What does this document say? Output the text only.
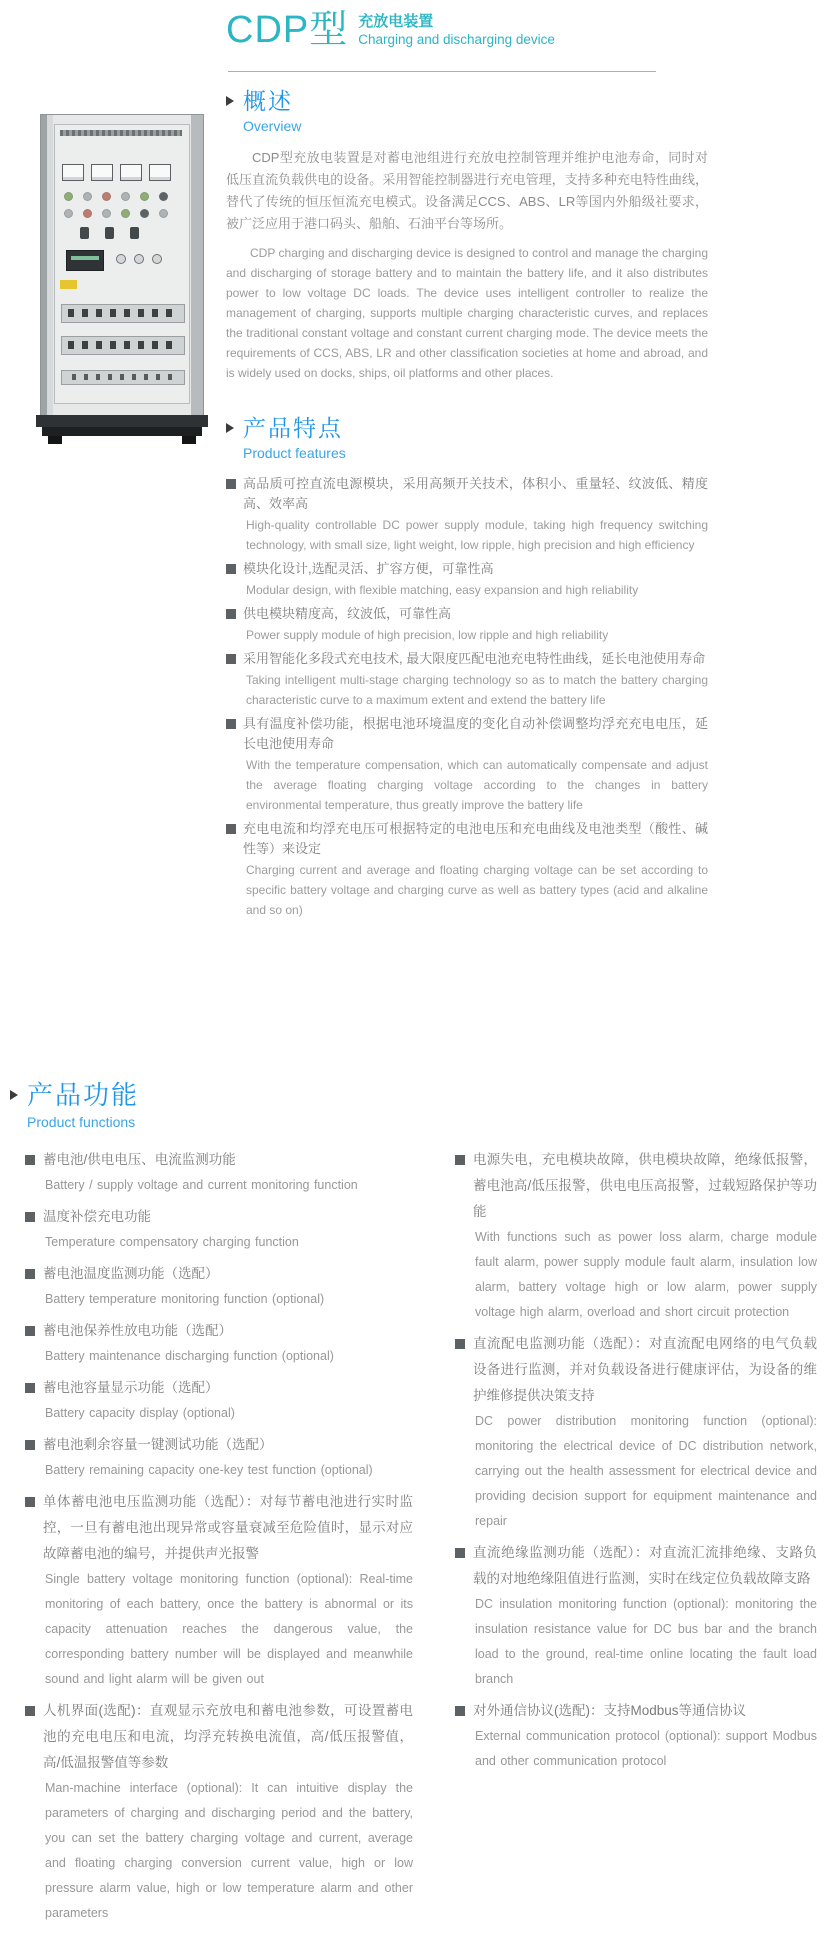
CDP型 充放电装置
Charging and discharging device
概述
Overview

CDP型充放电装置是对蓄电池组进行充放电控制管理并维护电池寿命，同时对低压直流负载供电的设备。采用智能控制器进行充电管理，支持多种充电特性曲线，替代了传统的恒压恒流充电模式。设备满足CCS、ABS、LR等国内外船级社要求，被广泛应用于港口码头、船舶、石油平台等场所。

CDP charging and discharging device is designed to control and manage the charging and discharging of storage battery and to maintain the battery life, and it also distributes power to low voltage DC loads. The device uses intelligent controller to realize the management of charging, supports multiple charging characteristic curves, and replaces the traditional constant voltage and constant current charging mode. The device meets the requirements of CCS, ABS, LR and other classification societies at home and abroad, and is widely used on docks, ships, oil platforms and other places.

产品特点
Product features
高品质可控直流电源模块，采用高频开关技术，体积小、重量轻、纹波低、精度高、效率高
High-quality controllable DC power supply module, taking high frequency switching technology, with small size, light weight, low ripple, high precision and high efficiency
模块化设计,选配灵活、扩容方便，可靠性高
Modular design, with flexible matching, easy expansion and high reliability
供电模块精度高，纹波低，可靠性高
Power supply module of high precision, low ripple and high reliability
采用智能化多段式充电技术, 最大限度匹配电池充电特性曲线，延长电池使用寿命
Taking intelligent multi-stage charging technology so as to match the battery charging characteristic curve to a maximum extent and extend the battery life
具有温度补偿功能，根据电池环境温度的变化自动补偿调整均浮充充电电压，延长电池使用寿命
With the temperature compensation, which can automatically compensate and adjust the average floating charging voltage according to the changes in battery environmental temperature, thus greatly improve the battery life
充电电流和均浮充电压可根据特定的电池电压和充电曲线及电池类型（酸性、碱性等）来设定
Charging current and average and floating charging voltage can be set according to specific battery voltage and charging curve as well as battery types (acid and alkaline and so on)
产品功能
Product functions
蓄电池/供电电压、电流监测功能
Battery / supply voltage and current monitoring function
温度补偿充电功能
Temperature compensatory charging function
蓄电池温度监测功能（选配）
Battery temperature monitoring function (optional)
蓄电池保养性放电功能（选配）
Battery maintenance discharging function (optional)
蓄电池容量显示功能（选配）
Battery capacity display (optional)
蓄电池剩余容量一键测试功能（选配）
Battery remaining capacity one-key test function (optional)
单体蓄电池电压监测功能（选配）：对每节蓄电池进行实时监控，一旦有蓄电池出现异常或容量衰减至危险值时，显示对应故障蓄电池的编号，并提供声光报警
Single battery voltage monitoring function (optional): Real-time monitoring of each battery, once the battery is abnormal or its capacity attenuation reaches the dangerous value, the corresponding battery number will be displayed and meanwhile sound and light alarm will be given out
人机界面(选配)：直观显示充放电和蓄电池参数，可设置蓄电池的充电电压和电流，均浮充转换电流值，高/低压报警值，高/低温报警值等参数
Man-machine interface (optional): It can intuitive display the parameters of charging and discharging period and the battery, you can set the battery charging voltage and current, average and floating charging conversion current value, high or low pressure alarm value, high or low temperature alarm and other parameters
电源失电，充电模块故障，供电模块故障，绝缘低报警，蓄电池高/低压报警，供电电压高报警，过载短路保护等功能
With functions such as power loss alarm, charge module fault alarm, power supply module fault alarm, insulation low alarm, battery voltage high or low alarm, power supply voltage high alarm, overload and short circuit protection
直流配电监测功能（选配）：对直流配电网络的电气负载设备进行监测，并对负载设备进行健康评估，为设备的维护维修提供决策支持
DC power distribution monitoring function (optional): monitoring the electrical device of DC distribution network, carrying out the health assessment for electrical device and providing decision support for equipment maintenance and repair
直流绝缘监测功能（选配）：对直流汇流排绝缘、支路负载的对地绝缘阻值进行监测，实时在线定位负载故障支路
DC insulation monitoring function (optional): monitoring the insulation resistance value for DC bus bar and the branch load to the ground, real-time online locating the fault load branch
对外通信协议(选配)：支持Modbus等通信协议
External communication protocol (optional): support Modbus and other communication protocol
